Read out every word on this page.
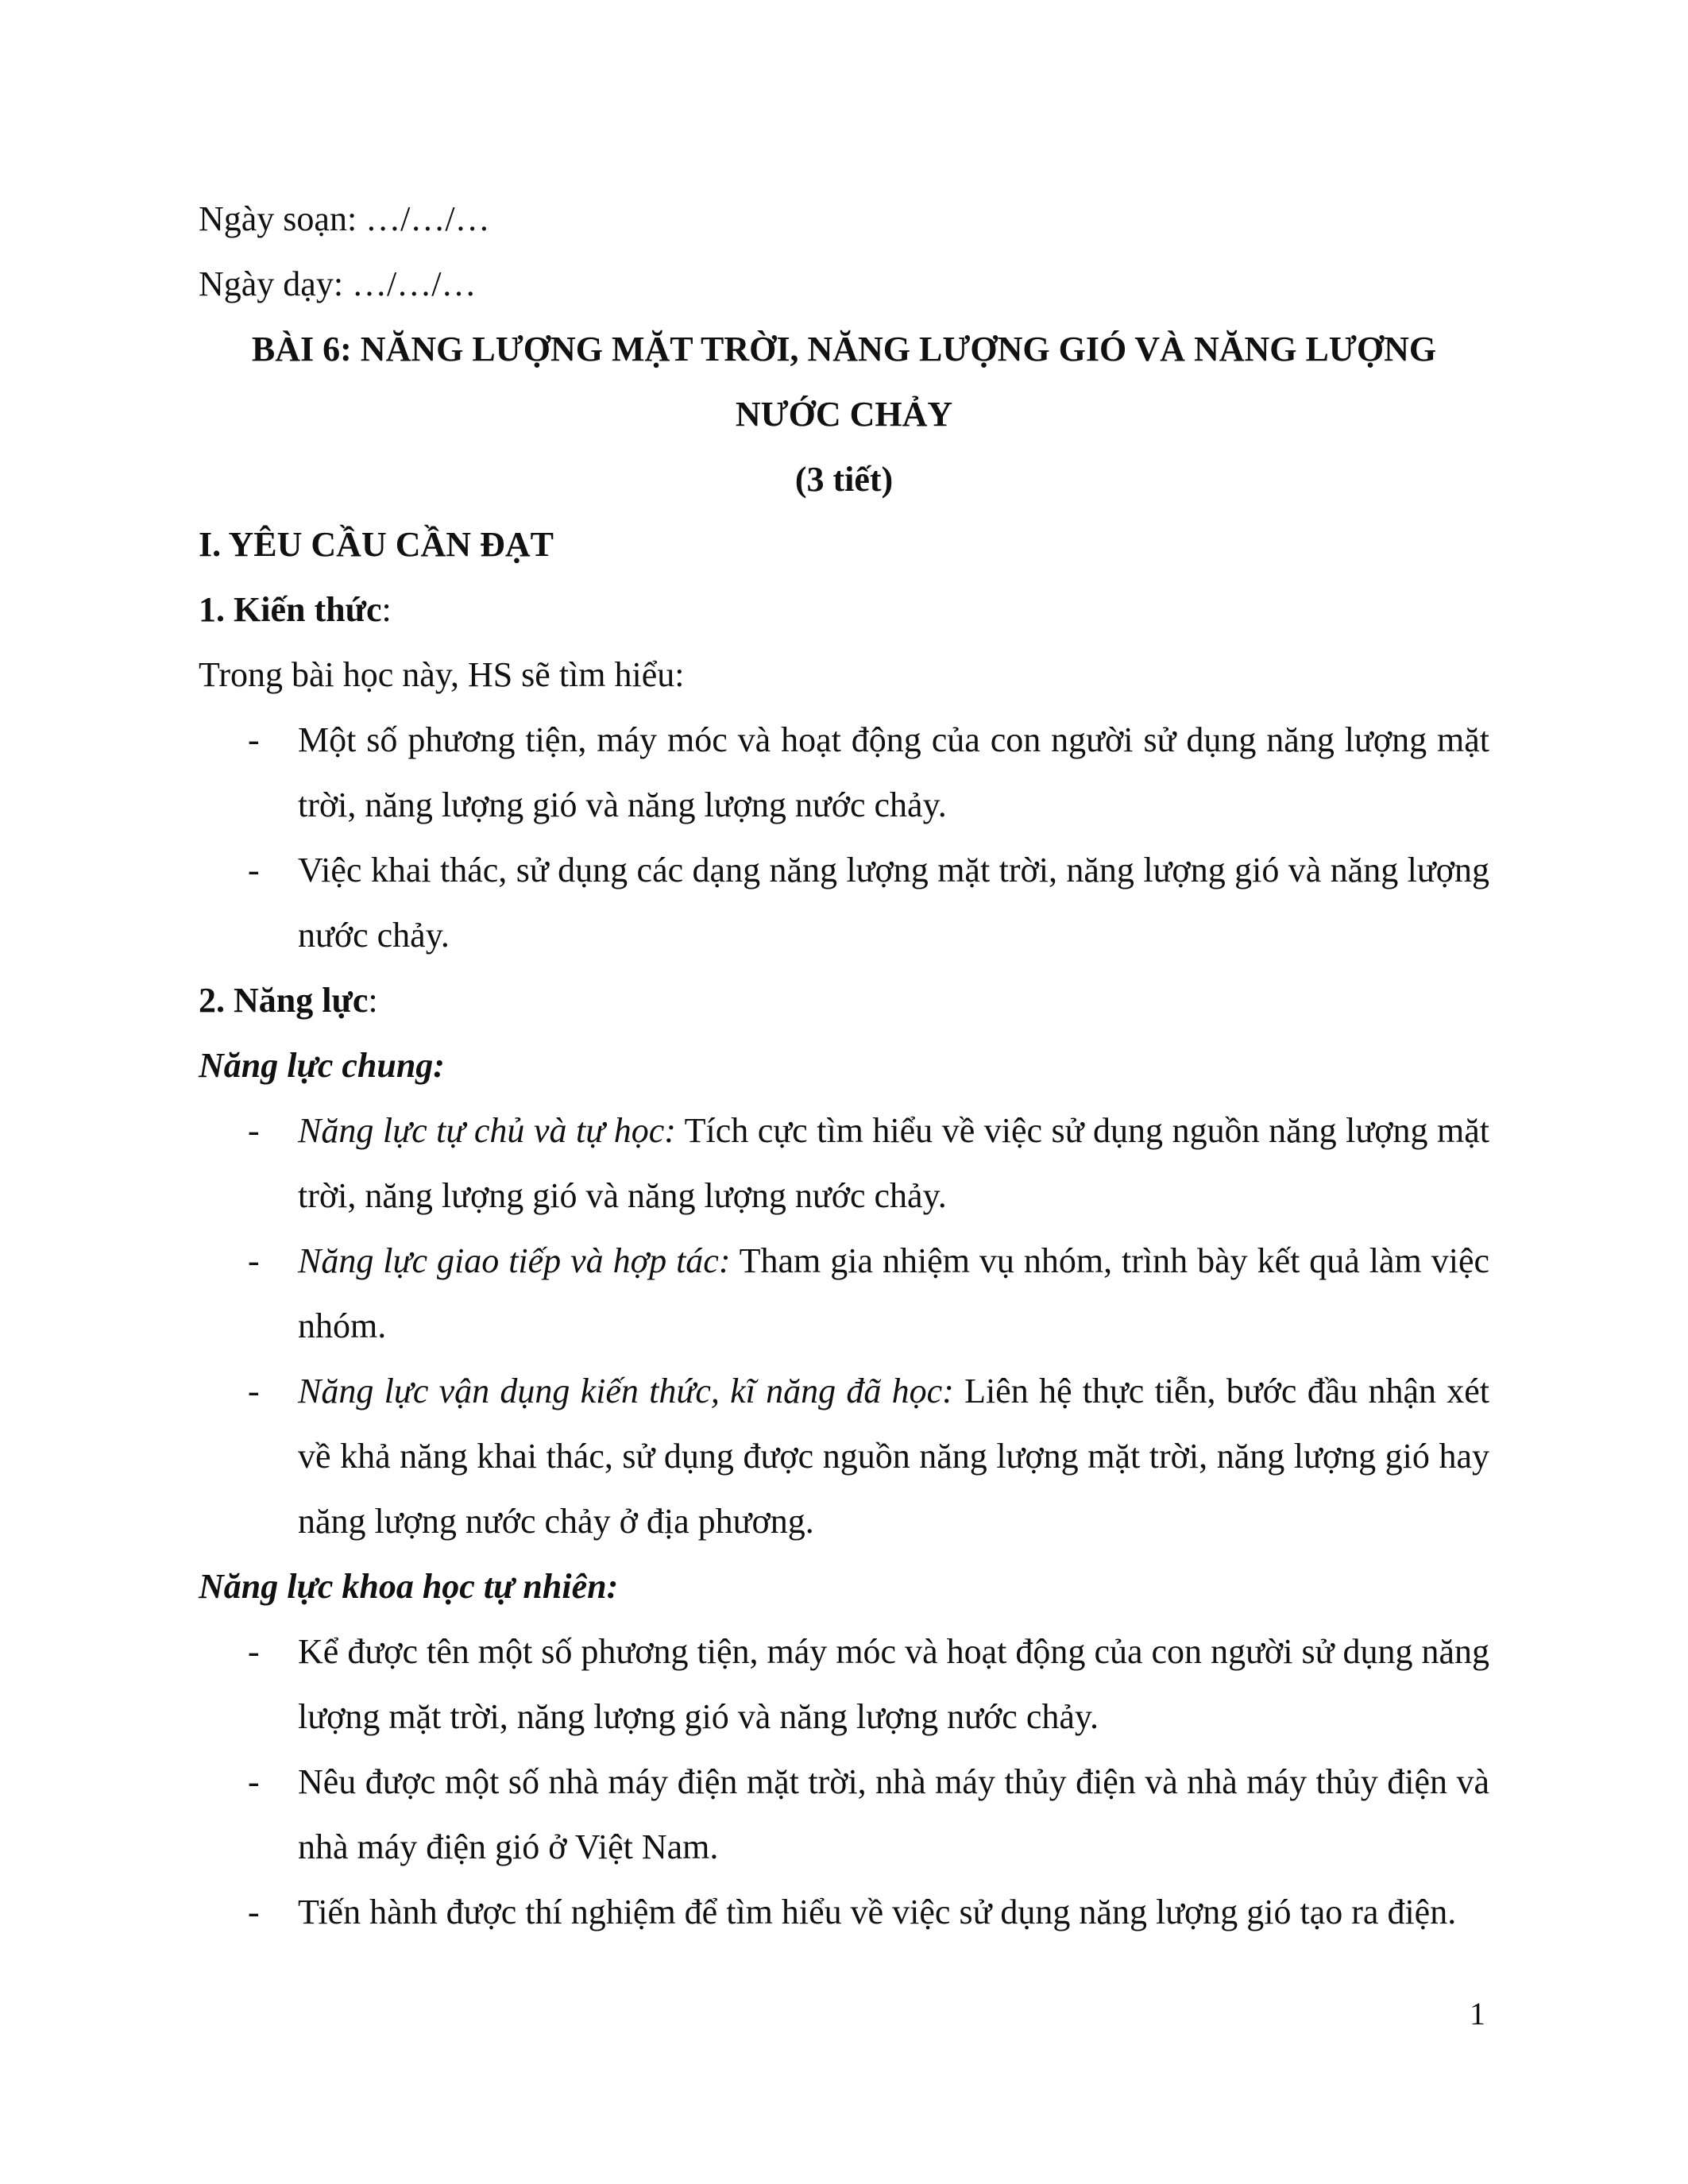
Ngày soạn: …/…/…

Ngày dạy: …/…/…

BÀI 6: NĂNG LƯỢNG MẶT TRỜI, NĂNG LƯỢNG GIÓ VÀ NĂNG LƯỢNG

NƯỚC CHẢY

(3 tiết)

I. YÊU CẦU CẦN ĐẠT

1. Kiến thức:

Trong bài học này, HS sẽ tìm hiểu:

- Một số phương tiện, máy móc và hoạt động của con người sử dụng năng lượng mặt trời, năng lượng gió và năng lượng nước chảy.
- Việc khai thác, sử dụng các dạng năng lượng mặt trời, năng lượng gió và năng lượng nước chảy.

2. Năng lực:

Năng lực chung:

- Năng lực tự chủ và tự học: Tích cực tìm hiểu về việc sử dụng nguồn năng lượng mặt trời, năng lượng gió và năng lượng nước chảy.
- Năng lực giao tiếp và hợp tác: Tham gia nhiệm vụ nhóm, trình bày kết quả làm việc nhóm.
- Năng lực vận dụng kiến thức, kĩ năng đã học: Liên hệ thực tiễn, bước đầu nhận xét về khả năng khai thác, sử dụng được nguồn năng lượng mặt trời, năng lượng gió hay năng lượng nước chảy ở địa phương.

Năng lực khoa học tự nhiên:

- Kể được tên một số phương tiện, máy móc và hoạt động của con người sử dụng năng lượng mặt trời, năng lượng gió và năng lượng nước chảy.
- Nêu được một số nhà máy điện mặt trời, nhà máy thủy điện và nhà máy thủy điện và nhà máy điện gió ở Việt Nam.
- Tiến hành được thí nghiệm để tìm hiểu về việc sử dụng năng lượng gió tạo ra điện.
1
